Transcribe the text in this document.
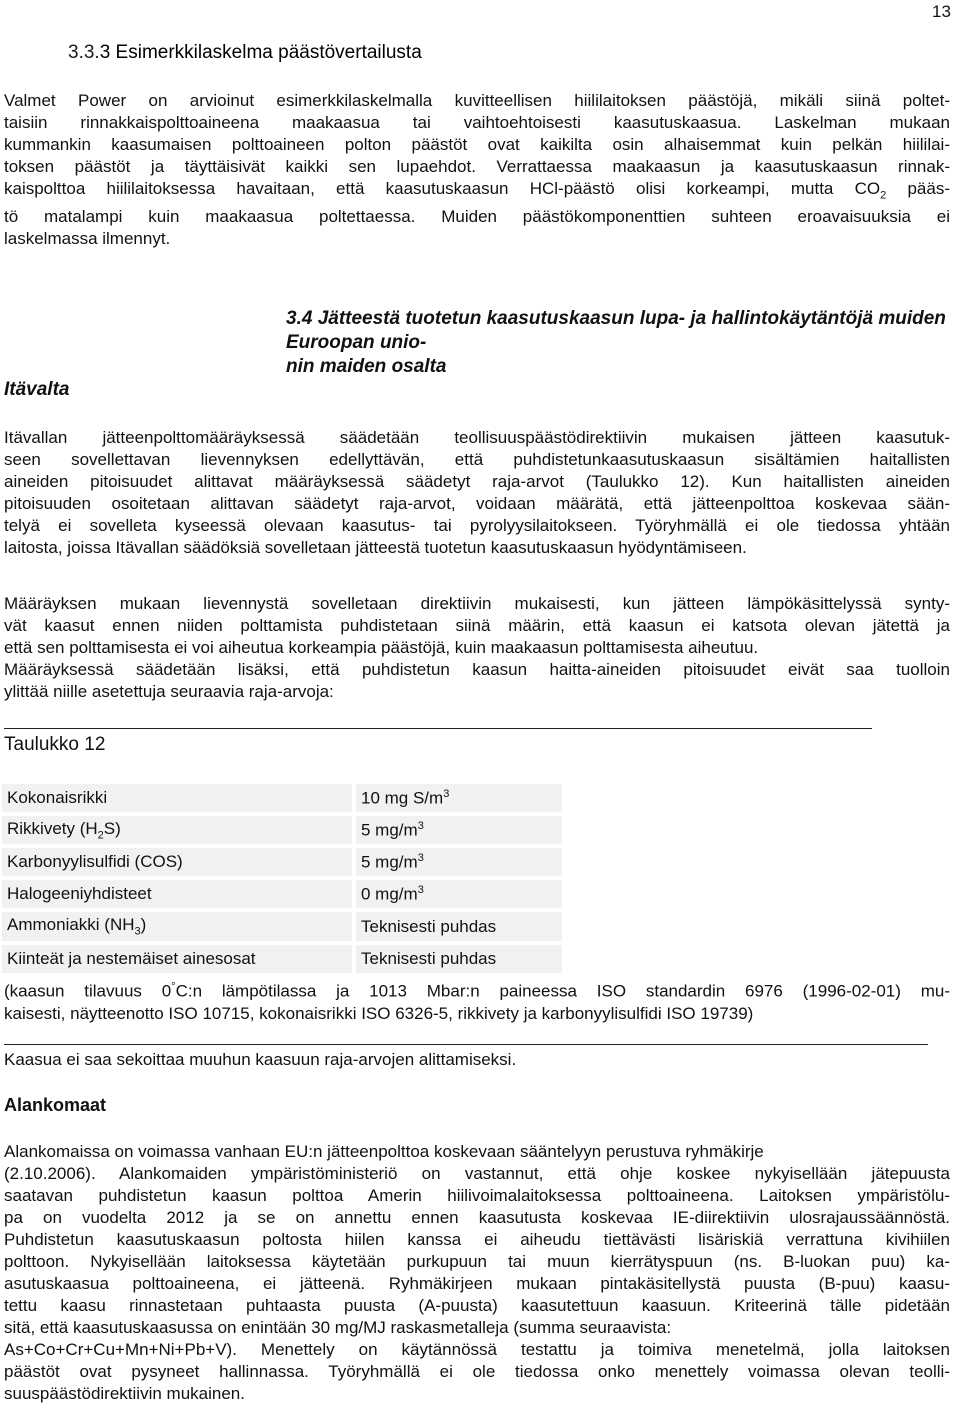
13
3.3.3 Esimerkkilaskelma päästövertailusta
Valmet Power on arvioinut esimerkkilaskelmalla kuvitteellisen hiililaitoksen päästöjä, mikäli siinä poltet-
taisiin rinnakkaispolttoaineena maakaasua tai vaihtoehtoisesti kaasutuskaasua. Laskelman mukaan
kummankin kaasumaisen polttoaineen polton päästöt ovat kaikilta osin alhaisemmat kuin pelkän hiililai-
toksen päästöt ja täyttäisivät kaikki sen lupaehdot. Verrattaessa maakaasun ja kaasutuskaasun rinnak-
kaispolttoa hiililaitoksessa havaitaan, että kaasutuskaasun HCl-päästö olisi korkeampi, mutta $CO_2$ pääs-
tö matalampi kuin maakaasua poltettaessa. Muiden päästökomponenttien suhteen eroavaisuuksia ei
laskelmassa ilmennyt.
3.4 Jätteestä tuotetun kaasutuskaasun lupa- ja hallintokäytäntöjä muiden Euroopan unio-
nin maiden osalta
Itävalta
Itävallan jätteenpolttomääräyksessä säädetään teollisuuspäästödirektiivin mukaisen jätteen kaasutuk-
seen sovellettavan lievennyksen edellyttävän, että puhdistetunkaasutuskaasun sisältämien haitallisten
aineiden pitoisuudet alittavat määräyksessä säädetyt raja-arvot (Taulukko 12). Kun haitallisten aineiden
pitoisuuden osoitetaan alittavan säädetyt raja-arvot, voidaan määrätä, että jätteenpolttoa koskevaa sään-
telyä ei sovelleta kyseessä olevaan kaasutus- tai pyrolyysilaitokseen. Työryhmällä ei ole tiedossa yhtään
laitosta, joissa Itävallan säädöksiä sovelletaan jätteestä tuotetun kaasutuskaasun hyödyntämiseen.
Määräyksen mukaan lievennystä sovelletaan direktiivin mukaisesti, kun jätteen lämpökäsittelyssä synty-
vät kaasut ennen niiden polttamista puhdistetaan siinä määrin, että kaasun ei katsota olevan jätettä ja
että sen polttamisesta ei voi aiheutua korkeampia päästöjä, kuin maakaasun polttamisesta aiheutuu.
Määräyksessä säädetään lisäksi, että puhdistetun kaasun haitta-aineiden pitoisuudet eivät saa tuolloin
ylittää niille asetettuja seuraavia raja-arvoja:
Taulukko 12
Kokonaisrikki		10 mg $S/m^3$
Rikkivety $(H_2S)$		5 $mg/m^3$
Karbonyylisulfidi (COS)		5 $mg/m^3$
Halogeeniyhdisteet		0 $mg/m^3$
Ammoniakki $(NH_3)$		Teknisesti puhdas
Kiinteät ja nestemäiset ainesosat		Teknisesti puhdas
(kaasun tilavuus 0°C:n lämpötilassa ja 1013 Mbar:n paineessa ISO standardin 6976 (1996-02-01) mu-
kaisesti, näytteenotto ISO 10715, kokonaisrikki ISO 6326-5, rikkivety ja karbonyylisulfidi ISO 19739)
Kaasua ei saa sekoittaa muuhun kaasuun raja-arvojen alittamiseksi.
Alankomaat
Alankomaissa on voimassa vanhaan EU:n jätteenpolttoa koskevaan sääntelyyn perustuva ryhmäkirje
(2.10.2006). Alankomaiden ympäristöministeriö on vastannut, että ohje koskee nykyisellään jätepuusta
saatavan puhdistetun kaasun polttoa Amerin hiilivoimalaitoksessa polttoaineena. Laitoksen ympäristölu-
pa on vuodelta 2012 ja se on annettu ennen kaasutusta koskevaa IE-diirektiivin ulosrajaussäännöstä.
Puhdistetun kaasutuskaasun poltosta hiilen kanssa ei aiheudu tiettävästi lisäriskiä verrattuna kivihiilen
polttoon. Nykyisellään laitoksessa käytetään purkupuun tai muun kierrätyspuun (ns. B-luokan puu) ka-
asutuskaasua polttoaineena, ei jätteenä. Ryhmäkirjeen mukaan pintakäsitellystä puusta (B-puu) kaasu-
tettu kaasu rinnastetaan puhtaasta puusta (A-puusta) kaasutettuun kaasuun. Kriteerinä tälle pidetään
sitä, että kaasutuskaasussa on enintään 30 mg/MJ raskasmetalleja (summa seuraavista:
As+Co+Cr+Cu+Mn+Ni+Pb+V). Menettely on käytännössä testattu ja toimiva menetelmä, jolla laitoksen
päästöt ovat pysyneet hallinnassa. Työryhmällä ei ole tiedossa onko menettely voimassa olevan teolli-
suuspäästödirektiivin mukainen.
